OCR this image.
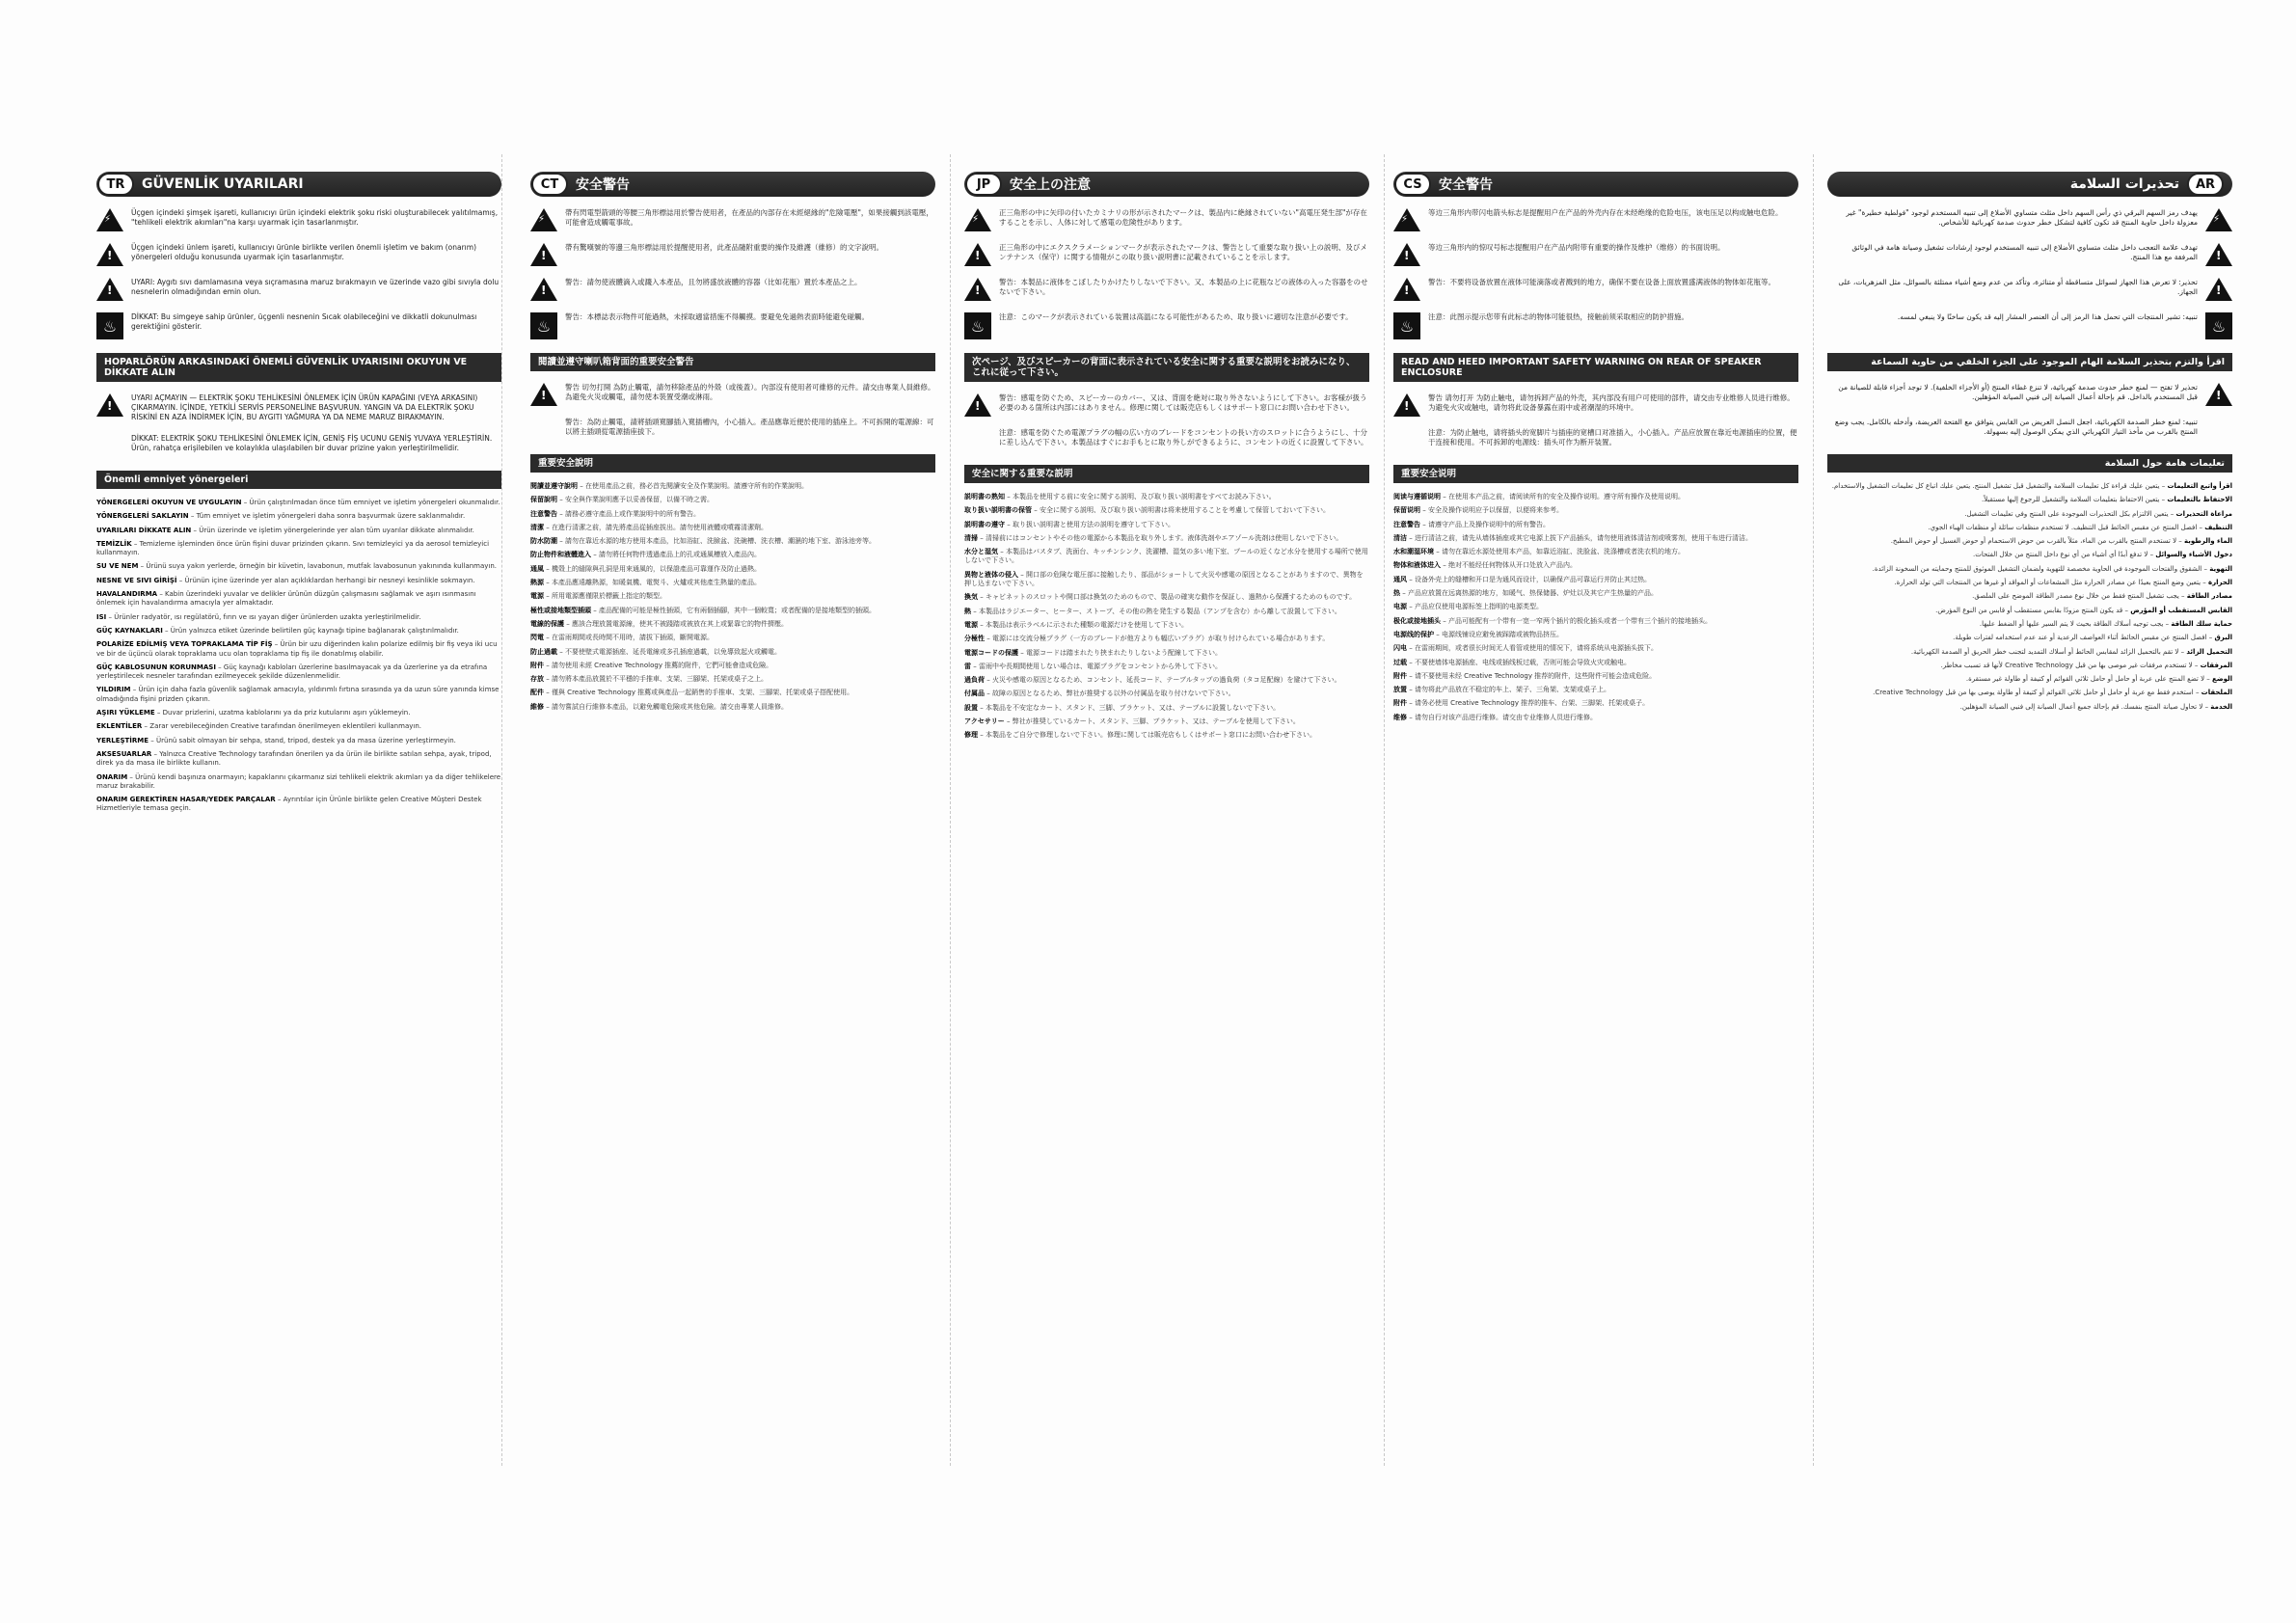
TR	GÜVENLİK UYARILARI
⚡
Üçgen içindeki şimşek işareti, kullanıcıyı ürün içindeki elektrik şoku riski oluşturabilecek yalıtılmamış, "tehlikeli elektrik akımları"na karşı uyarmak için tasarlanmıştır.
!
Üçgen içindeki ünlem işareti, kullanıcıyı ürünle birlikte verilen önemli işletim ve bakım (onarım) yönergeleri olduğu konusunda uyarmak için tasarlanmıştır.
!
UYARI: Aygıtı sıvı damlamasına veya sıçramasına maruz bırakmayın ve üzerinde vazo gibi sıvıyla dolu nesnelerin olmadığından emin olun.
♨	DİKKAT: Bu simgeye sahip ürünler, üçgenli nesnenin Sıcak olabileceğini ve dikkatli dokunulması gerektiğini gösterir.
HOPARLÖRÜN ARKASINDAKİ ÖNEMLİ GÜVENLİK UYARISINI OKUYUN VE DİKKATE ALIN
!
UYARI AÇMAYIN — ELEKTRİK ŞOKU TEHLİKESİNİ ÖNLEMEK İÇİN ÜRÜN KAPAĞINI (VEYA ARKASINI) ÇIKARMAYIN. İÇİNDE, YETKİLİ SERVİS PERSONELİNE BAŞVURUN. YANGIN VA DA ELEKTRİK ŞOKU RİSKİNİ EN AZA İNDİRMEK İÇİN, BU AYGITI YAĞMURA YA DA NEME MARUZ BIRAKMAYIN.
DİKKAT: ELEKTRİK ŞOKU TEHLİKESİNİ ÖNLEMEK İÇİN, GENİŞ FİŞ UCUNU GENİŞ YUVAYA YERLEŞTİRİN. Ürün, rahatça erişilebilen ve kolaylıkla ulaşılabilen bir duvar prizine yakın yerleştirilmelidir.
Önemli emniyet yönergeleri
YÖNERGELERİ OKUYUN VE UYGULAYIN – Ürün çalıştırılmadan önce tüm emniyet ve işletim yönergeleri okunmalıdır.
YÖNERGELERİ SAKLAYIN – Tüm emniyet ve işletim yönergeleri daha sonra başvurmak üzere saklanmalıdır.
UYARILARI DİKKATE ALIN – Ürün üzerinde ve işletim yönergelerinde yer alan tüm uyarılar dikkate alınmalıdır.
TEMİZLİK – Temizleme işleminden önce ürün fişini duvar prizinden çıkarın. Sıvı temizleyici ya da aerosol temizleyici kullanmayın.
SU VE NEM – Ürünü suya yakın yerlerde, örneğin bir küvetin, lavabonun, mutfak lavabosunun yakınında kullanmayın.
NESNE VE SIVI GİRİŞİ – Ürünün içine üzerinde yer alan açıklıklardan herhangi bir nesneyi kesinlikle sokmayın.
HAVALANDIRMA – Kabin üzerindeki yuvalar ve delikler ürünün düzgün çalışmasını sağlamak ve aşırı ısınmasını önlemek için havalandırma amacıyla yer almaktadır.
ISI – Ürünler radyatör, ısı regülatörü, fırın ve ısı yayan diğer ürünlerden uzakta yerleştirilmelidir.
GÜÇ KAYNAKLARI – Ürün yalnızca etiket üzerinde belirtilen güç kaynağı tipine bağlanarak çalıştırılmalıdır.
POLARİZE EDİLMİŞ VEYA TOPRAKLAMA TİP FİŞ – Ürün bir uzu diğerinden kalın polarize edilmiş bir fiş veya iki ucu ve bir de üçüncü olarak topraklama ucu olan topraklama tip fiş ile donatılmış olabilir.
GÜÇ KABLOSUNUN KORUNMASI – Güç kaynağı kabloları üzerlerine basılmayacak ya da üzerlerine ya da etrafına yerleştirilecek nesneler tarafından ezilmeyecek şekilde düzenlenmelidir.
YILDIRIM – Ürün için daha fazla güvenlik sağlamak amacıyla, yıldırımlı fırtına sırasında ya da uzun süre yanında kimse olmadığında fişini prizden çıkarın.
AŞIRI YÜKLEME – Duvar prizlerini, uzatma kablolarını ya da priz kutularını aşırı yüklemeyin.
EKLENTİLER – Zarar verebileceğinden Creative tarafından önerilmeyen eklentileri kullanmayın.
YERLEŞTİRME – Ürünü sabit olmayan bir sehpa, stand, tripod, destek ya da masa üzerine yerleştirmeyin.
AKSESUARLAR – Yalnızca Creative Technology tarafından önerilen ya da ürün ile birlikte satılan sehpa, ayak, tripod, direk ya da masa ile birlikte kullanın.
ONARIM – Ürünü kendi başınıza onarmayın; kapaklarını çıkarmanız sizi tehlikeli elektrik akımları ya da diğer tehlikelere maruz bırakabilir.
ONARIM GEREKTİREN HASAR/YEDEK PARÇALAR – Ayrıntılar için Ürünle birlikte gelen Creative Müşteri Destek Hizmetleriyle temasa geçin.
CT	安全警告
⚡
帶有閃電型箭頭的等腰三角形標誌用於警告使用者，在產品的內部存在未經絕緣的"危險電壓"，如果接觸到該電壓，可能會造成觸電事故。
!
帶有驚嘆號的等邊三角形標誌用於提醒使用者，此產品隨附重要的操作及維護（維修）的文字說明。
!
警告：請勿使液體滴入或濺入本產品，且勿將盛放液體的容器（比如花瓶）置於本產品之上。
♨	警告：本標誌表示物件可能過熱，未採取適當措施不得觸摸。要避免免過熱表面時能避免碰觸。
閱讀並遵守喇叭箱背面的重要安全警告
!
警告 切勿打開 為防止觸電，請勿移除產品的外殼（或後蓋）。內部沒有使用者可維修的元件。請交由專業人員維修。為避免火災或觸電，請勿使本裝置受潮或淋雨。
警告：為防止觸電，請將插頭寬腳插入寬插槽內，小心插入。產品應靠近便於使用的插座上。不可拆開的電源線：可以將主插頭從電源插座拔下。
重要安全說明
閱讀並遵守說明 – 在使用產品之前，務必首先閱讀安全及作業說明。請遵守所有的作業說明。
保留說明 – 安全與作業說明應予以妥善保留，以備不時之需。
注意警告 – 請務必遵守產品上或作業說明中的所有警告。
清潔 – 在進行清潔之前，請先將產品從插座拔出。請勿使用液體或噴霧清潔劑。
防水防潮 – 請勿在靠近水源的地方使用本產品，比如浴缸、洗臉盆、洗碗槽、洗衣槽、潮濕的地下室、游泳池旁等。
防止物件和液體進入 – 請勿將任何物件透過產品上的孔或通風槽放入產品內。
通風 – 機殼上的縫隙與孔洞是用來通風的，以保證產品可靠運作及防止過熱。
熱源 – 本產品應遠離熱源，如暖氣機、電熨斗、火爐或其他產生熱量的產品。
電源 – 所用電源應僅限於標籤上指定的類型。
極性或接地類型插頭 – 產品配備的可能是極性插頭，它有兩個插腳，其中一個較寬；或者配備的是接地類型的插頭。
電線的保護 – 應該合理放置電源線，使其不被踐踏或被放在其上或緊靠它的物件擠壓。
閃電 – 在雷雨期間或長時間不用時，請拔下插頭，斷開電源。
防止過載 – 不要使壁式電源插座、延長電線或多孔插座過載，以免導致起火或觸電。
附件 – 請勿使用未經 Creative Technology 推薦的附件，它們可能會造成危險。
存放 – 請勿將本產品放置於不平穩的手推車、支架、三腳架、托架或桌子之上。
配件 – 僅與 Creative Technology 推薦或與產品一起銷售的手推車、支架、三腳架、托架或桌子搭配使用。
維修 – 請勿嘗試自行維修本產品，以避免觸電危險或其他危險。請交由專業人員維修。
JP	安全上の注意
⚡
正三角形の中に矢印の付いたカミナリの形が示されたマークは、製品内に絶縁されていない"高電圧発生部"が存在することを示し、人体に対して感電の危険性があります。
!
正三角形の中にエクスクラメーションマークが表示されたマークは、警告として重要な取り扱い上の説明、及びメンテナンス（保守）に関する情報がこの取り扱い説明書に記載されていることを示します。
!
警告：本製品に液体をこぼしたりかけたりしないで下さい。又、本製品の上に花瓶などの液体の入った容器をのせないで下さい。
♨	注意：このマークが表示されている装置は高温になる可能性があるため、取り扱いに適切な注意が必要です。
次ページ、及びスピーカーの背面に表示されている安全に関する重要な説明をお読みになり、これに従って下さい。
!
警告：感電を防ぐため、スピーカーのカバー、又は、背面を絶対に取り外さないようにして下さい。お客様が扱う必要のある箇所は内部にはありません。修理に関しては販売店もしくはサポート窓口にお問い合わせ下さい。
注意：感電を防ぐため電源プラグの幅の広い方のブレードをコンセントの長い方のスロットに合うようにし、十分に差し込んで下さい。本製品はすぐにお手もとに取り外しができるように、コンセントの近くに設置して下さい。
安全に関する重要な説明
説明書の熟知 – 本製品を使用する前に安全に関する説明、及び取り扱い説明書をすべてお読み下さい。
取り扱い説明書の保管 – 安全に関する説明、及び取り扱い説明書は将来使用することを考慮して保管しておいて下さい。
説明書の遵守 – 取り扱い説明書と使用方法の説明を遵守して下さい。
清掃 – 清掃前にはコンセントやその他の電源から本製品を取り外します。液体洗剤やエアゾール洗剤は使用しないで下さい。
水分と湿気 – 本製品はバスタブ、洗面台、キッチンシンク、洗濯槽、湿気の多い地下室、プールの近くなど水分を使用する場所で使用しないで下さい。
異物と液体の侵入 – 開口部の危険な電圧部に接触したり、部品がショートして火災や感電の原因となることがありますので、異物を押し込まないで下さい。
換気 – キャビネットのスロットや開口部は換気のためのもので、製品の確実な動作を保証し、過熱から保護するためのものです。
熱 – 本製品はラジエーター、ヒーター、ストーブ、その他の熱を発生する製品（アンプを含む）から離して設置して下さい。
電源 – 本製品は表示ラベルに示された種類の電源だけを使用して下さい。
分極性 – 電源には交流分極プラグ（一方のブレードが他方よりも幅広いプラグ）が取り付けられている場合があります。
電源コードの保護 – 電源コードは踏まれたり挟まれたりしないよう配線して下さい。
雷 – 雷雨中や長期間使用しない場合は、電源プラグをコンセントから外して下さい。
過負荷 – 火災や感電の原因となるため、コンセント、延長コード、テーブルタップの過負荷（タコ足配線）を避けて下さい。
付属品 – 故障の原因となるため、弊社が推奨する以外の付属品を取り付けないで下さい。
設置 – 本製品を不安定なカート、スタンド、三脚、ブラケット、又は、テーブルに設置しないで下さい。
アクセサリー – 弊社が推奨しているカート、スタンド、三脚、ブラケット、又は、テーブルを使用して下さい。
修理 – 本製品をご自分で修理しないで下さい。修理に関しては販売店もしくはサポート窓口にお問い合わせ下さい。
CS	安全警告
⚡
等边三角形内带闪电箭头标志是提醒用户在产品的外壳内存在未经绝缘的危险电压，该电压足以构成触电危险。
!
等边三角形内的惊叹号标志提醒用户在产品内附带有重要的操作及维护（维修）的书面说明。
!
警告：不要将设备放置在液体可能滴落或者溅到的地方，确保不要在设备上面放置盛满液体的物体如花瓶等。
♨	注意：此图示提示您带有此标志的物体可能很热，接触前须采取相应的防护措施。
READ AND HEED IMPORTANT SAFETY WARNING ON REAR OF SPEAKER ENCLOSURE
!
警告 请勿打开 为防止触电，请勿拆卸产品的外壳，其内部没有用户可使用的部件，请交由专业维修人员进行维修。为避免火灾或触电，请勿将此设备暴露在雨中或者潮湿的环境中。
注意：为防止触电，请将插头的宽脚片与插座的宽槽口对准插入，小心插入。产品应放置在靠近电源插座的位置，便于连接和使用。不可拆卸的电源线：插头可作为断开装置。
重要安全说明
阅读与遵循说明 – 在使用本产品之前，请阅读所有的安全及操作说明。遵守所有操作及使用说明。
保留说明 – 安全及操作说明应予以保留，以便将来参考。
注意警告 – 请遵守产品上及操作说明中的所有警告。
清洁 – 进行清洁之前，请先从墙体插座或其它电源上拔下产品插头，请勿使用液体清洁剂或喷雾剂，使用干布进行清洁。
水和潮湿环境 – 请勿在靠近水源处使用本产品，如靠近浴缸、洗脸盆、洗涤槽或者洗衣机的地方。
物体和液体进入 – 绝对不能经任何物体从开口处放入产品内。
通风 – 设备外壳上的缝槽和开口是为通风而设计，以确保产品可靠运行并防止其过热。
热 – 产品应放置在远离热源的地方，如暖气、热保储器、炉灶以及其它产生热量的产品。
电源 – 产品应仅使用电源标签上指明的电源类型。
极化或接地插头 – 产品可能配有一个带有一宽一窄两个插片的极化插头或者一个带有三个插片的接地插头。
电源线的保护 – 电源线铺设应避免被踩踏或被物品挤压。
闪电 – 在雷雨期间，或者很长时间无人看管或使用的情况下，请将系统从电源插头拔下。
过载 – 不要使墙体电源插座、电线或插线板过载，否则可能会导致火灾或触电。
附件 – 请不要使用未经 Creative Technology 推荐的附件，这些附件可能会造成危险。
放置 – 请勿将此产品放在不稳定的车上、架子、三角架、支架或桌子上。
附件 – 请务必使用 Creative Technology 推荐的推车、台架、三脚架、托架或桌子。
维修 – 请勿自行对该产品进行维修。请交由专业维修人员进行维修。
AR
تحذيرات السلامة
⚡
يهدف رمز السهم البرقي ذي رأس السهم داخل مثلث متساوي الأضلاع إلى تنبيه المستخدم لوجود "فولطية خطيرة" غير معزولة داخل حاوية المنتج قد تكون كافية لتشكل خطر حدوث صدمة كهربائية للأشخاص.
!
تهدف علامة التعجب داخل مثلث متساوي الأضلاع إلى تنبيه المستخدم لوجود إرشادات تشغيل وصيانة هامة في الوثائق المرفقة مع هذا المنتج.
!
تحذير: لا تعرض هذا الجهاز لسوائل متساقطة أو متناثرة، وتأكد من عدم وضع أشياء ممتلئة بالسوائل، مثل المزهريات، على الجهاز.
♨
تنبيه: تشير المنتجات التي تحمل هذا الرمز إلى أن العنصر المشار إليه قد يكون ساخنًا ولا ينبغي لمسه.
اقرأ والتزم بتحذير السلامة الهام الموجود على الجزء الخلفي من حاوية السماعة
!
تحذير لا تفتح — لمنع خطر حدوث صدمة كهربائية، لا تنزع غطاء المنتج (أو الأجزاء الخلفية). لا توجد أجزاء قابلة للصيانة من قبل المستخدم بالداخل. قم بإحالة أعمال الصيانة إلى فنيي الصيانة المؤهلين.
تنبيه: لمنع خطر الصدمة الكهربائية، اجعل النصل العريض من القابس يتوافق مع الفتحة العريضة، وأدخله بالكامل. يجب وضع المنتج بالقرب من مأخذ التيار الكهربائي الذي يمكن الوصول إليه بسهولة.
تعليمات هامة حول السلامة
اقرأ واتبع التعليمات – يتعين عليك قراءة كل تعليمات السلامة والتشغيل قبل تشغيل المنتج. يتعين عليك اتباع كل تعليمات التشغيل والاستخدام.
الاحتفاظ بالتعليمات – يتعين الاحتفاظ بتعليمات السلامة والتشغيل للرجوع إليها مستقبلاً.
مراعاة التحذيرات – يتعين الالتزام بكل التحذيرات الموجودة على المنتج وفي تعليمات التشغيل.
التنظيف – افصل المنتج عن مقبس الحائط قبل التنظيف. لا تستخدم منظفات سائلة أو منظفات الهباء الجوي.
الماء والرطوبة – لا تستخدم المنتج بالقرب من الماء، مثلاً بالقرب من حوض الاستحمام أو حوض الغسيل أو حوض المطبخ.
دخول الأشياء والسوائل – لا تدفع أبدًا أي أشياء من أي نوع داخل المنتج من خلال الفتحات.
التهوية – الشقوق والفتحات الموجودة في الحاوية مخصصة للتهوية ولضمان التشغيل الموثوق للمنتج وحمايته من السخونة الزائدة.
الحرارة – يتعين وضع المنتج بعيدًا عن مصادر الحرارة مثل المشعاعات أو المواقد أو غيرها من المنتجات التي تولد الحرارة.
مصادر الطاقة – يجب تشغيل المنتج فقط من خلال نوع مصدر الطاقة الموضح على الملصق.
القابس المستقطب أو المؤرض – قد يكون المنتج مزودًا بقابس مستقطب أو قابس من النوع المؤرض.
حماية سلك الطاقة – يجب توجيه أسلاك الطاقة بحيث لا يتم السير عليها أو الضغط عليها.
البرق – افصل المنتج عن مقبس الحائط أثناء العواصف الرعدية أو عند عدم استخدامه لفترات طويلة.
التحميل الزائد – لا تقم بالتحميل الزائد لمقابس الحائط أو أسلاك التمديد لتجنب خطر الحريق أو الصدمة الكهربائية.
المرفقات – لا تستخدم مرفقات غير موصى بها من قبل Creative Technology لأنها قد تسبب مخاطر.
الوضع – لا تضع المنتج على عربة أو حامل أو حامل ثلاثي القوائم أو كتيفة أو طاولة غير مستقرة.
الملحقات – استخدم فقط مع عربة أو حامل أو حامل ثلاثي القوائم أو كتيفة أو طاولة يوصى بها من قبل Creative Technology.
الخدمة – لا تحاول صيانة المنتج بنفسك. قم بإحالة جميع أعمال الصيانة إلى فنيي الصيانة المؤهلين.
